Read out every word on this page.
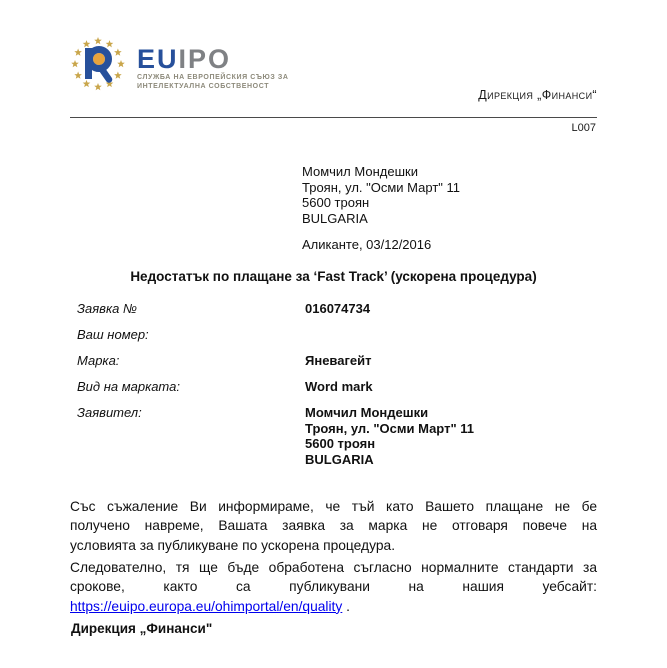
EUIPO
СЛУЖБА НА ЕВРОПЕЙСКИЯ СЪЮЗ ЗА
ИНТЕЛЕКТУАЛНА СОБСТВЕНОСТ
Дирекция „Финанси“
L007
Момчил Мондешки
Троян, ул. "Осми Март" 11
5600 троян
BULGARIA
Аликанте, 03/12/2016
Недостатък по плащане за ‘Fast Track’ (ускорена процедура)
Заявка №	016074734
Ваш номер:
Марка:	Яневагейт
Вид на марката:	Word mark
Заявител:	Момчил Мондешки
Троян, ул. "Осми Март" 11
5600 троян
BULGARIA
Със съжаление Ви информираме, че тъй като Вашето плащане не бе
получено навреме, Вашата заявка за марка не отговаря повече на
условията за публикуване по ускорена процедура.
Следователно, тя ще бъде обработена съгласно нормалните стандарти за
срокове, както са публикувани на нашия уебсайт:
https://euipo.europa.eu/ohimportal/en/quality .
Дирекция „Финанси"
